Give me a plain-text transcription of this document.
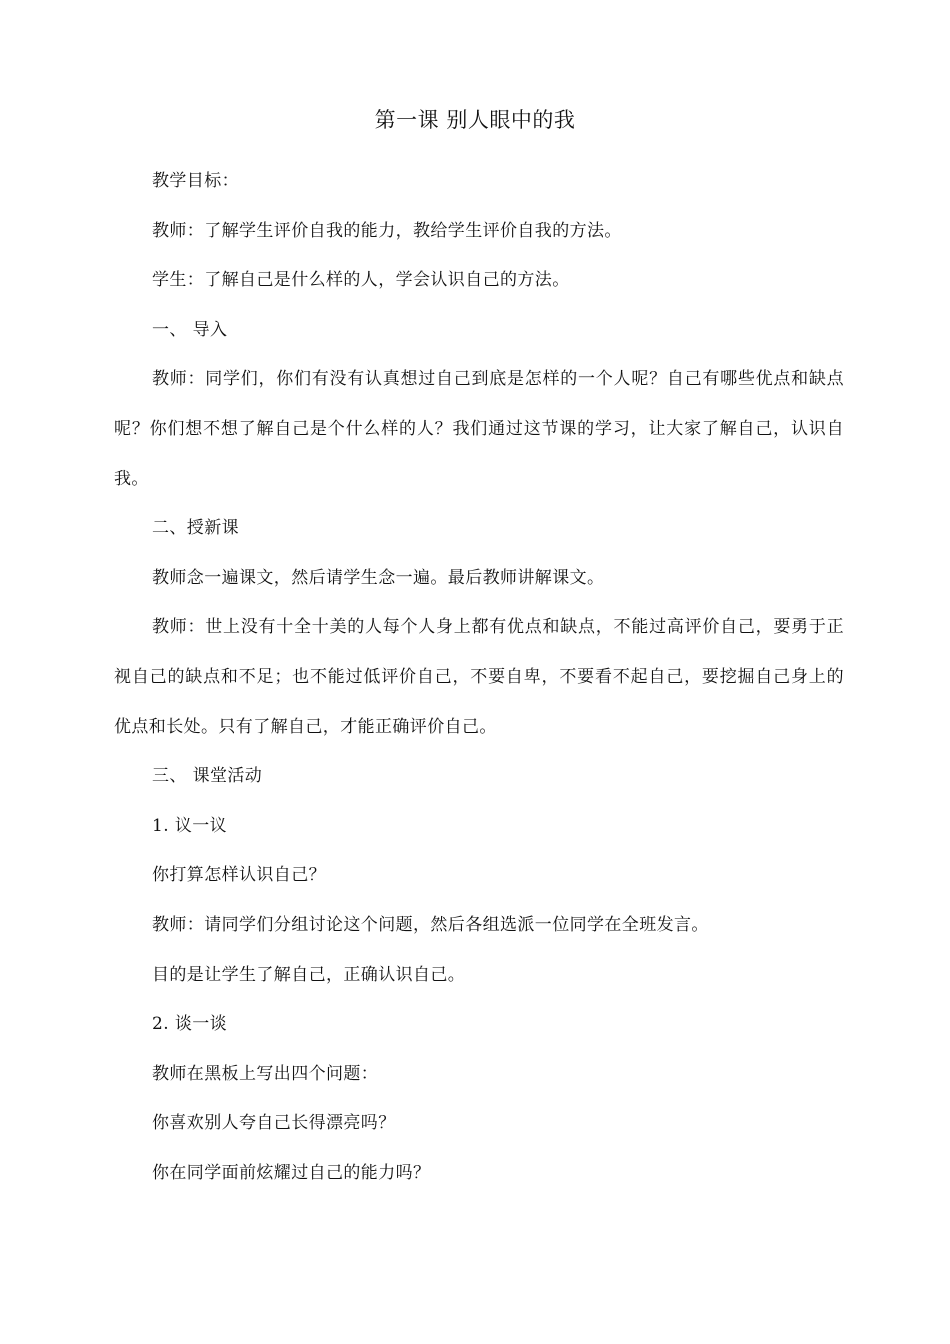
第一课 别人眼中的我

教学目标：

教师：了解学生评价自我的能力，教给学生评价自我的方法。

学生：了解自己是什么样的人，学会认识自己的方法。

一、 导入

教师：同学们，你们有没有认真想过自己到底是怎样的一个人呢？自己有哪些优点和缺点呢？你们想不想了解自己是个什么样的人？我们通过这节课的学习，让大家了解自己，认识自我。

二、授新课

教师念一遍课文，然后请学生念一遍。最后教师讲解课文。

教师：世上没有十全十美的人每个人身上都有优点和缺点，不能过高评价自己，要勇于正视自己的缺点和不足；也不能过低评价自己，不要自卑，不要看不起自己，要挖掘自己身上的优点和长处。只有了解自己，才能正确评价自己。

三、 课堂活动

1. 议一议

你打算怎样认识自己？

教师：请同学们分组讨论这个问题，然后各组选派一位同学在全班发言。

目的是让学生了解自己，正确认识自己。

2. 谈一谈

教师在黑板上写出四个问题：

你喜欢别人夸自己长得漂亮吗？

你在同学面前炫耀过自己的能力吗？
